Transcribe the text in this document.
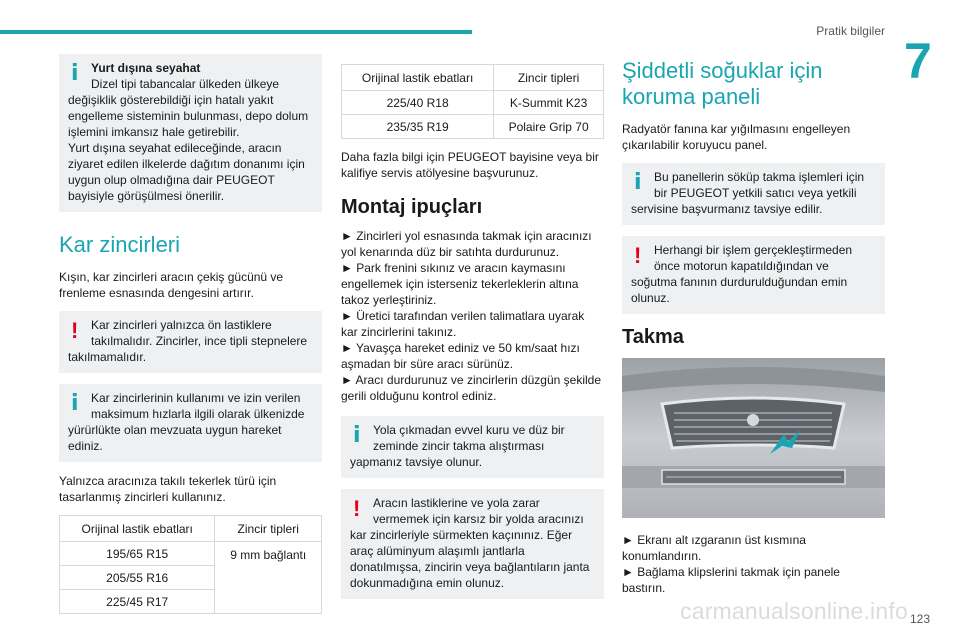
Pratik bilgiler
7
i	Yurt dışına seyahat
Dizel tipi tabancalar ülkeden ülkeye
değişiklik gösterebildiği için hatalı yakıt engelleme sisteminin bulunması, depo dolum işlemini imkansız hale getirebilir.
Yurt dışına seyahat edileceğinde, aracın ziyaret edilen ilkelerde dağıtım donanımı için uygun olup olmadığına dair PEUGEOT bayisiyle görüşülmesi önerilir.
Kar zincirleri

Kışın, kar zincirleri aracın çekiş gücünü ve frenleme esnasında dengesini artırır.

!	Kar zincirleri yalnızca ön lastiklere takılmalıdır. Zincirler, ince tipli stepnelere
takılmamalıdır.
i	Kar zincirlerinin kullanımı ve izin verilen maksimum hızlarla ilgili olarak ülkenizde
yürürlükte olan mevzuata uygun hareket ediniz.

Yalnızca aracınıza takılı tekerlek türü için tasarlanmış zincirleri kullanınız.

Orijinal lastik ebatları	Zincir tipleri
195/65 R15	9 mm bağlantı
205/55 R16	
225/45 R17	
Orijinal lastik ebatları	Zincir tipleri
225/40 R18	K-Summit K23
235/35 R19	Polaire Grip 70

Daha fazla bilgi için PEUGEOT bayisine veya bir kalifiye servis atölyesine başvurunuz.

Montaj ipuçları

► Zincirleri yol esnasında takmak için aracınızı yol kenarında düz bir satıhta durdurunuz.

► Park frenini sıkınız ve aracın kaymasını engellemek için isterseniz tekerleklerin altına takoz yerleştiriniz.

► Üretici tarafından verilen talimatlara uyarak kar zincirlerini takınız.

► Yavaşça hareket ediniz ve 50 km/saat hızı aşmadan bir süre aracı sürünüz.

► Aracı durdurunuz ve zincirlerin düzgün şekilde gerili olduğunu kontrol ediniz.

i	Yola çıkmadan evvel kuru ve düz bir zeminde zincir takma alıştırması
yapmanız tavsiye olunur.
!	Aracın lastiklerine ve yola zarar vermemek için karsız bir yolda aracınızı
kar zincirleriyle sürmekten kaçınınız. Eğer araç alüminyum alaşımlı jantlarla donatılmışsa, zincirin veya bağlantıların janta dokunmadığına emin olunuz.
Şiddetli soğuklar için koruma paneli

Radyatör fanına kar yığılmasını engelleyen çıkarılabilir koruyucu panel.

i	Bu panellerin söküp takma işlemleri için bir PEUGEOT yetkili satıcı veya yetkili
servisine başvurmanız tavsiye edilir.
!	Herhangi bir işlem gerçekleştirmeden önce motorun kapatıldığından ve
soğutma fanının durdurulduğundan emin olunuz.
Takma

► Ekranı alt ızgaranın üst kısmına konumlandırın.

► Bağlama klipslerini takmak için panele bastırın.

carmanualsonline.info 123
